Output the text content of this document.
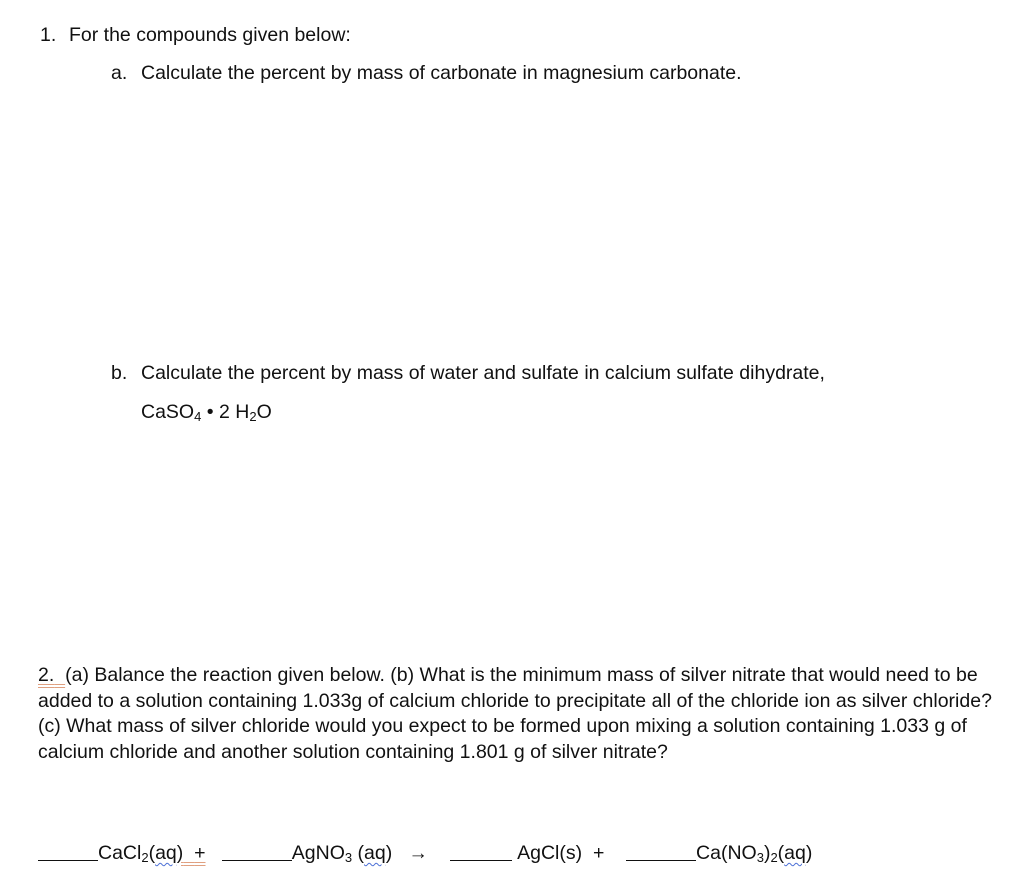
1. For the compounds given below:
a. Calculate the percent by mass of carbonate in magnesium carbonate.
b. Calculate the percent by mass of water and sulfate in calcium sulfate dihydrate,
CaSO$_4$ • 2 $H_2O$
2. (a) Balance the reaction given below. (b) What is the minimum mass of silver nitrate that would need to be added to a solution containing 1.033g of calcium chloride to precipitate all of the chloride ion as silver chloride? (c) What mass of silver chloride would you expect to be formed upon mixing a solution containing 1.033 g of calcium chloride and another solution containing 1.801 g of silver nitrate?
CaCl$_2$(aq) +	AgNO$_3$ (aq) →	AgCl(s) +	$Ca(NO_3)_2(aq)$
